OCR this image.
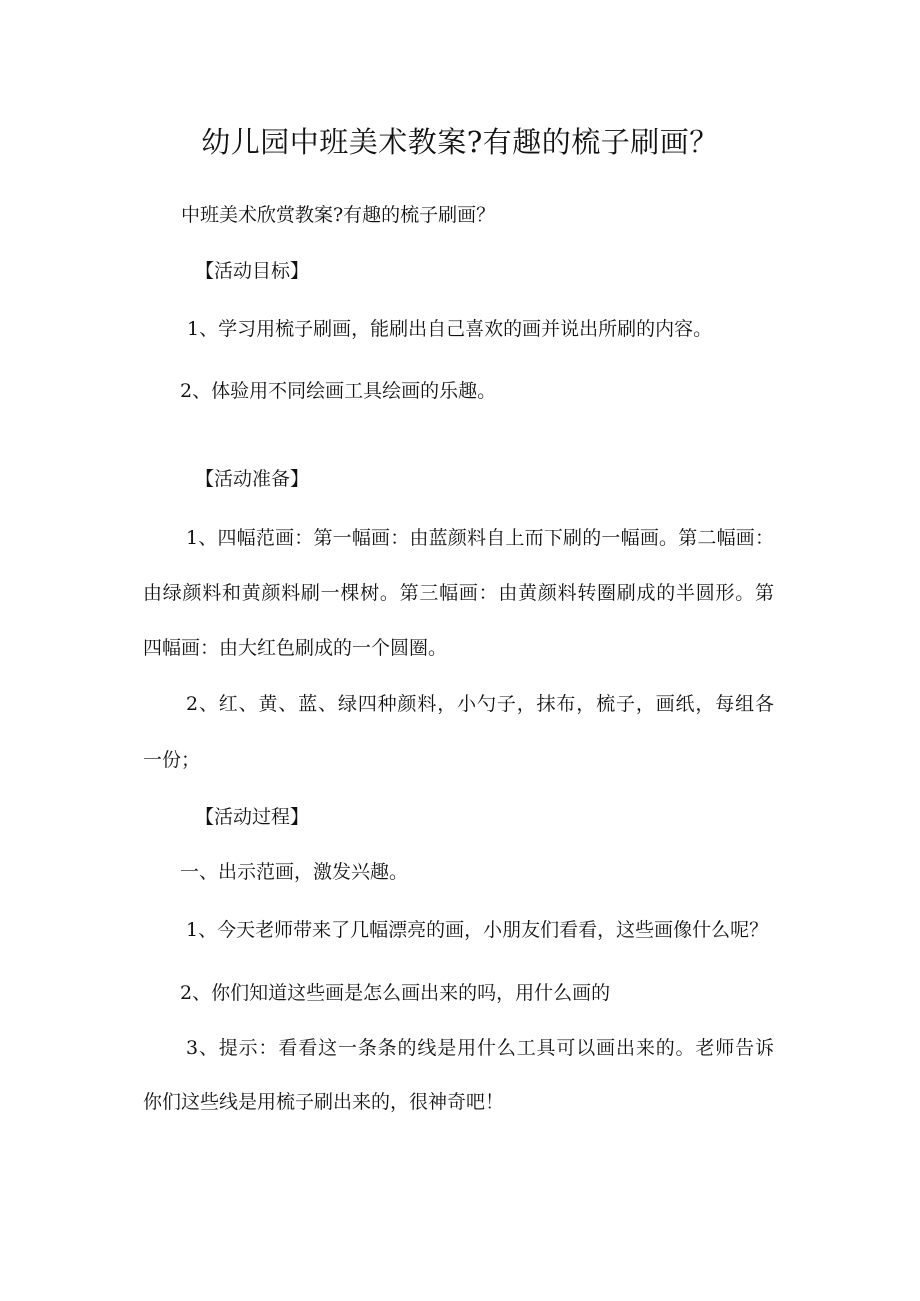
幼儿园中班美术教案?有趣的梳子刷画？

中班美术欣赏教案?有趣的梳子刷画？

【活动目标】

1、学习用梳子刷画，能刷出自己喜欢的画并说出所刷的内容。

2、体验用不同绘画工具绘画的乐趣。

【活动准备】

1、四幅范画：第一幅画：由蓝颜料自上而下刷的一幅画。第二幅画：

由绿颜料和黄颜料刷一棵树。第三幅画：由黄颜料转圈刷成的半圆形。第

四幅画：由大红色刷成的一个圆圈。

2、红、黄、蓝、绿四种颜料，小勺子，抹布，梳子，画纸，每组各

一份；

【活动过程】

一、出示范画，激发兴趣。

1、今天老师带来了几幅漂亮的画，小朋友们看看，这些画像什么呢？

2、你们知道这些画是怎么画出来的吗，用什么画的

3、提示：看看这一条条的线是用什么工具可以画出来的。老师告诉

你们这些线是用梳子刷出来的，很神奇吧！
